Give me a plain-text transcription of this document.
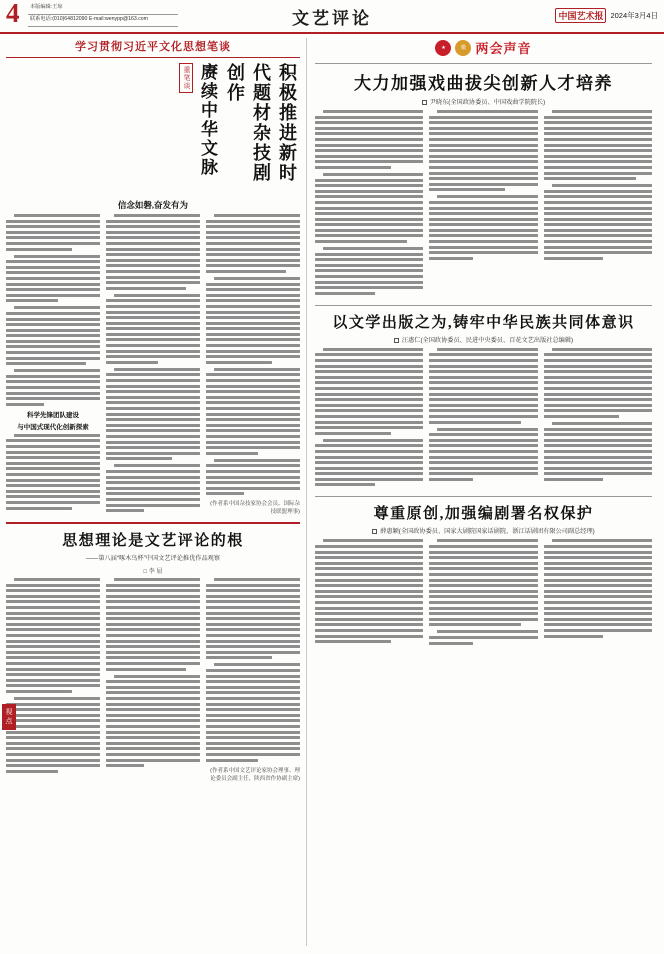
4	本版编辑:王琼
联系电话:(010)64812090 E-mail:wenypp@163.com	文艺评论	中国艺术报 2024年3月4日
学习贯彻习近平文化思想笔谈
积极推进新时代题材杂技剧创作
赓续中华文脉
重笔谈
信念如磐,奋发有为
科学先锋团队建设
与中国式现代化创新探索
(作者系中国杂技家协会会员、国际杂技联盟理事)
思想理论是文艺评论的根
——第八届“啄木鸟杯”中国文艺评论推优作品观察
□ 李 屈
(作者系中国文艺评论家协会理事、理论委员会副主任、陕西省作协副主席)
视点
★	徽 两会声音
大力加强戏曲拔尖创新人才培养
尹晓东(全国政协委员、中国戏曲学院院长)
以文学出版之为,铸牢中华民族共同体意识
汪惠仁(全国政协委员、民进中央委员、百花文艺出版社总编辑)
尊重原创,加强编剧署名权保护
薛惠颖(全国政协委员、国家大剧院国家话剧院、浙江话剧团有限公司副总经理)
